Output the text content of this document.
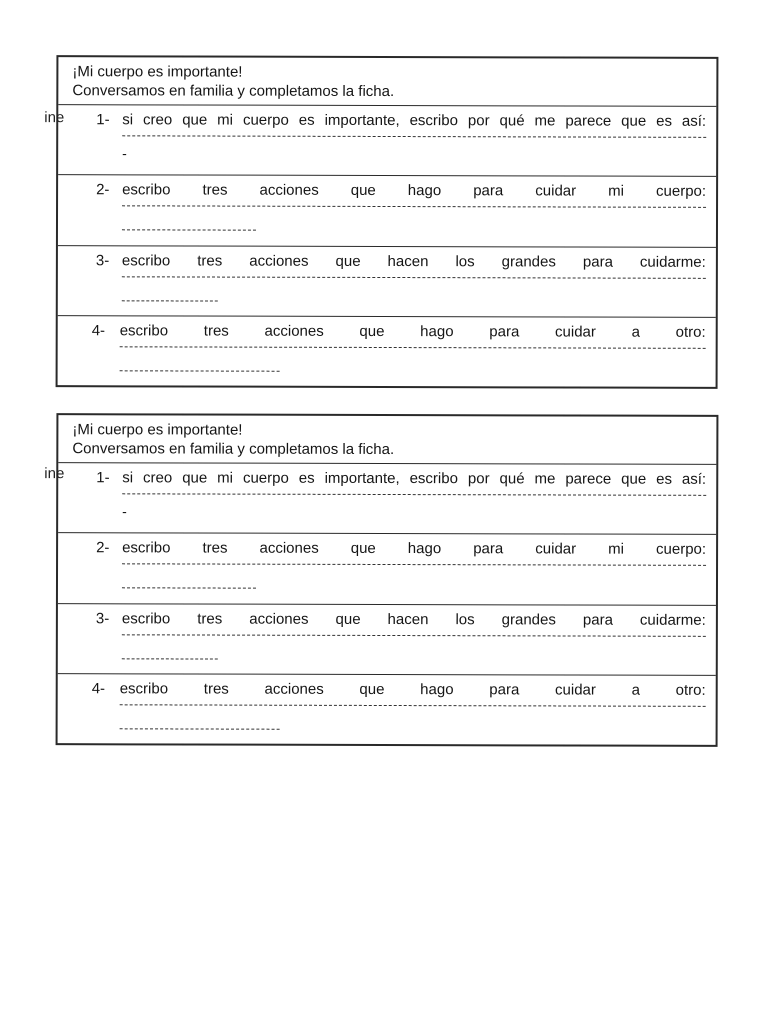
ine
¡Mi cuerpo es importante!
Conversamos en familia y completamos la ficha.
1- si creo que mi cuerpo es importante, escribo por qué me parece que es así:
-
2- escribo tres acciones que hago para cuidar mi cuerpo:
3- escribo tres acciones que hacen los grandes para cuidarme:
4- escribo tres acciones que hago para cuidar a otro:
ine
¡Mi cuerpo es importante!
Conversamos en familia y completamos la ficha.
1- si creo que mi cuerpo es importante, escribo por qué me parece que es así:
-
2- escribo tres acciones que hago para cuidar mi cuerpo:
3- escribo tres acciones que hacen los grandes para cuidarme:
4- escribo tres acciones que hago para cuidar a otro:
